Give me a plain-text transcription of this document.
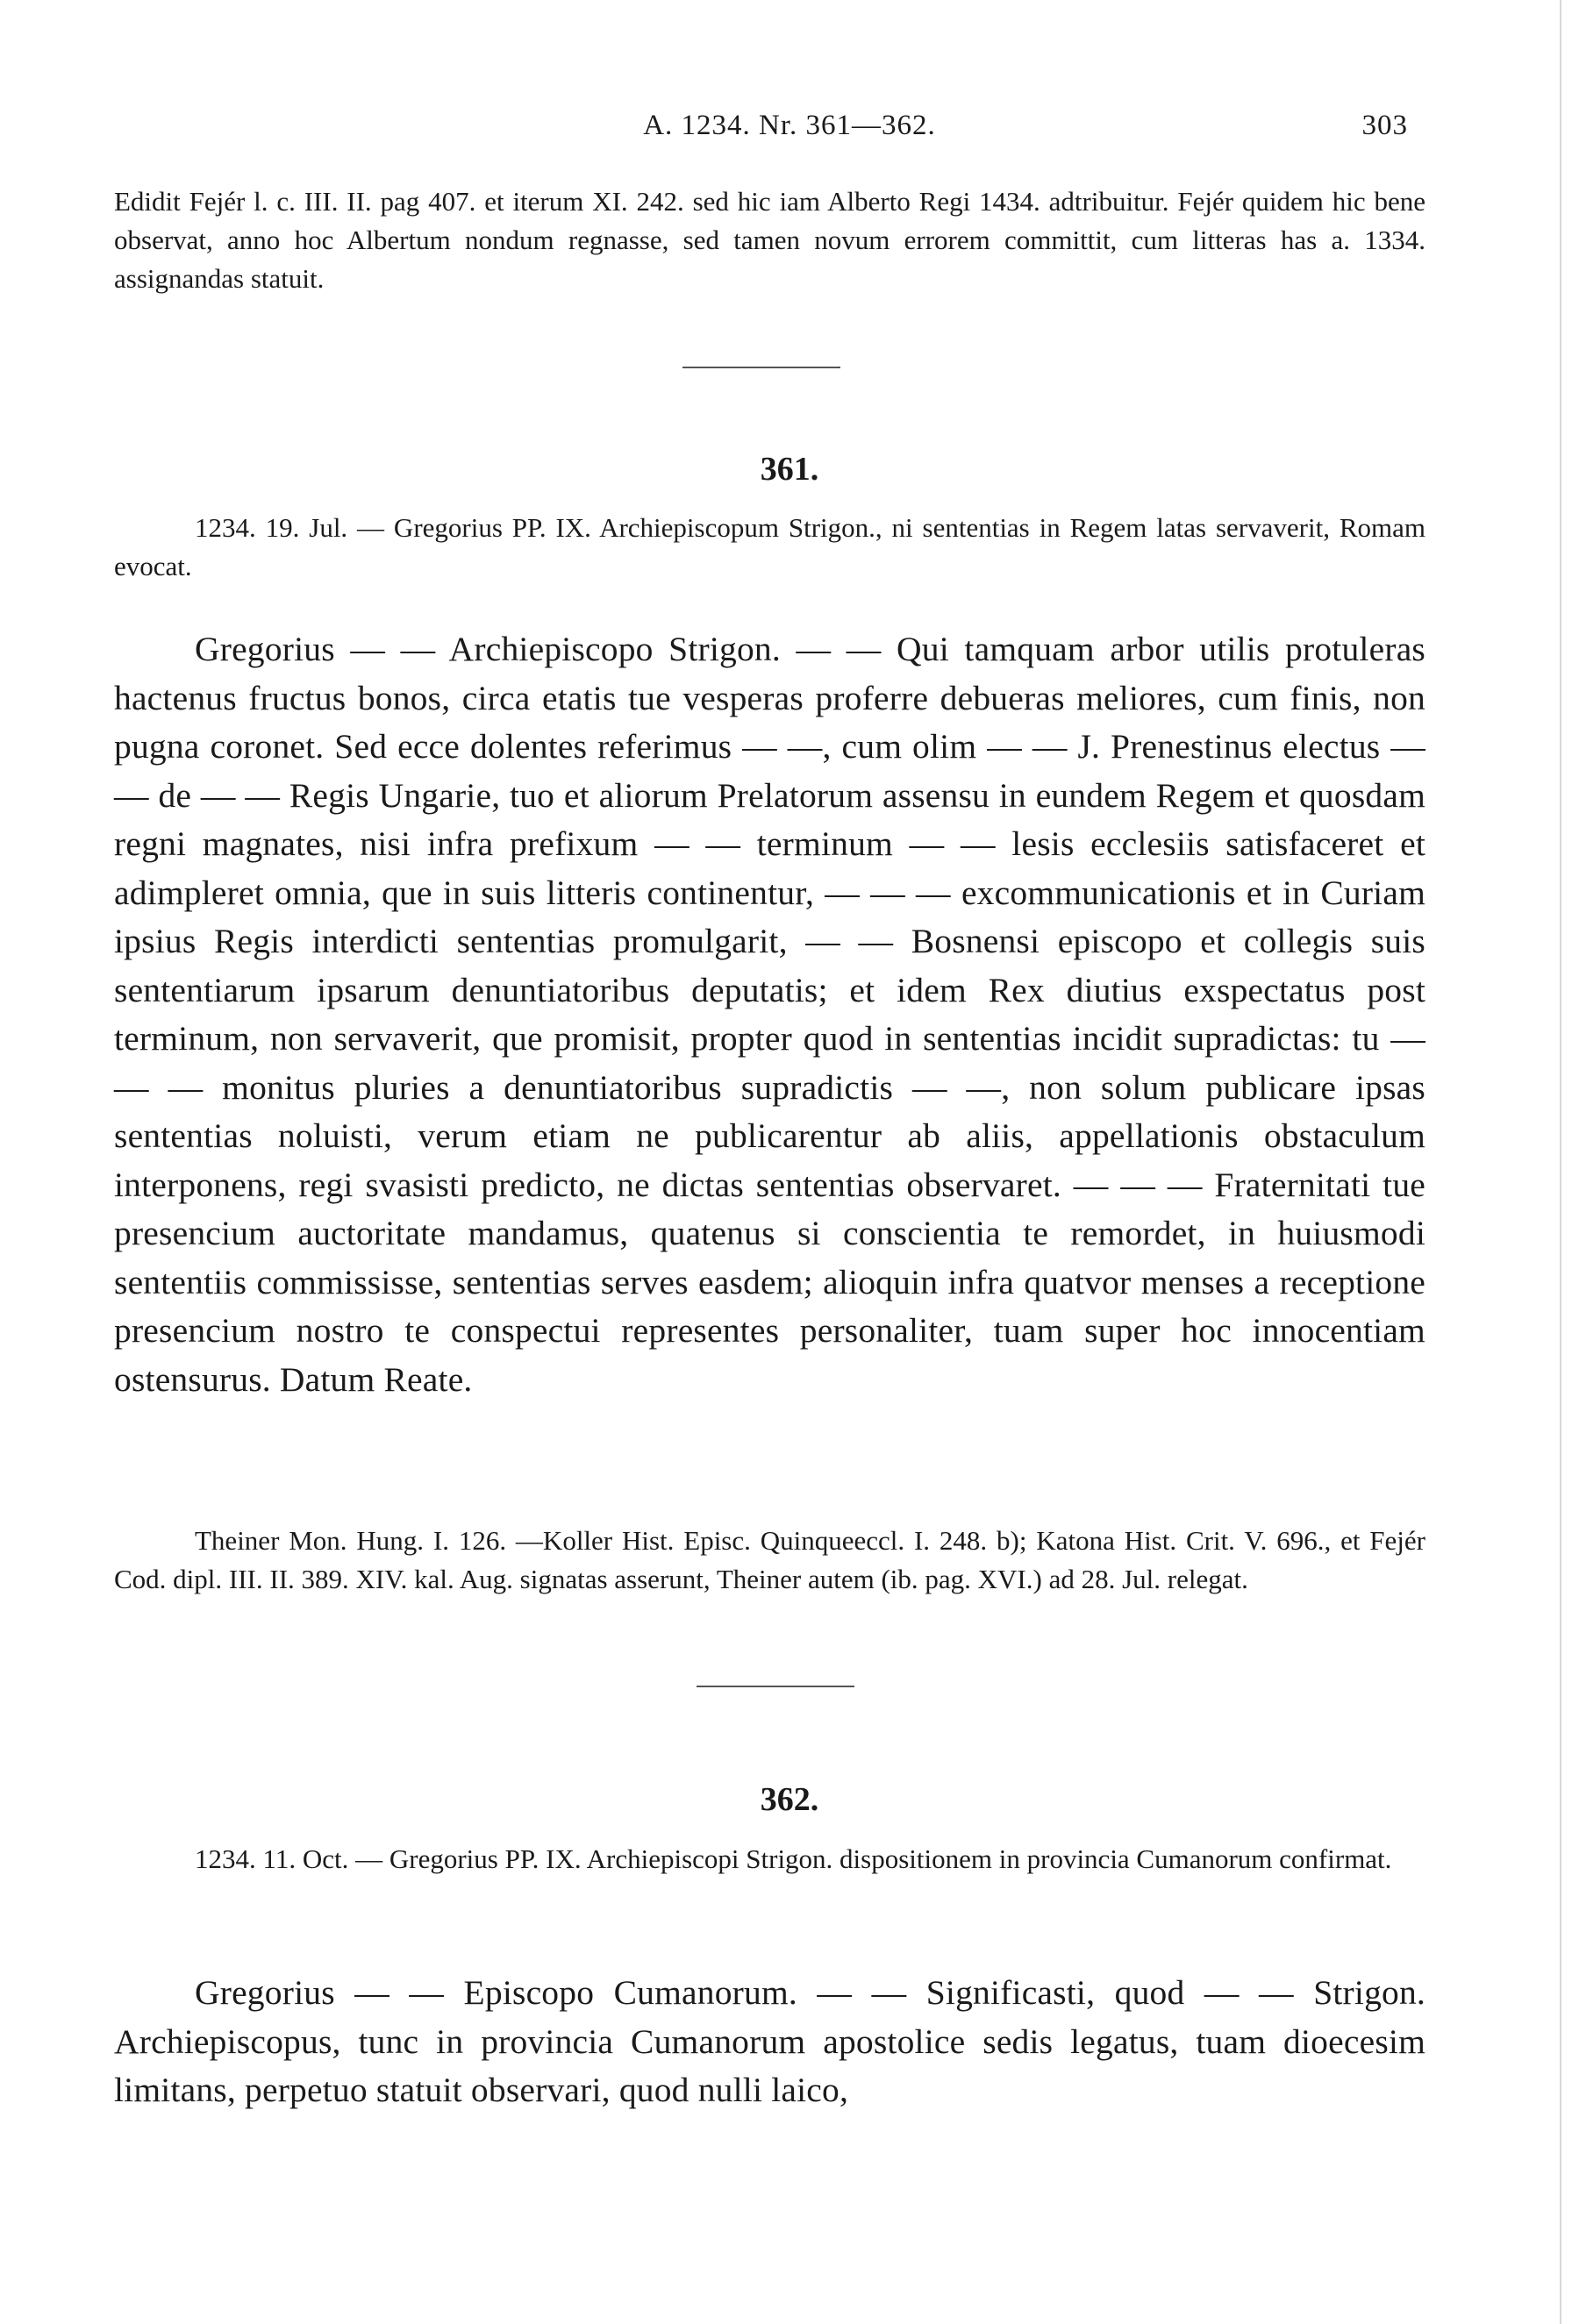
A. 1234. Nr. 361—362.	303

Edidit Fejér l. c. III. II. pag 407. et iterum XI. 242. sed hic iam Alberto Regi 1434. adtribuitur. Fejér quidem hic bene observat, anno hoc Albertum nondum regnasse, sed tamen novum errorem committit, cum litteras has a. 1334. assignandas statuit.

361.

1234. 19. Jul. — Gregorius PP. IX. Archiepiscopum Strigon., ni sententias in Regem latas servaverit, Romam evocat.

Gregorius — — Archiepiscopo Strigon. — — Qui tamquam arbor utilis protuleras hactenus fructus bonos, circa etatis tue vesperas proferre debueras meliores, cum finis, non pugna coronet. Sed ecce dolentes referimus — —, cum olim — — J. Prenestinus electus — — de — — Regis Ungarie, tuo et aliorum Prelatorum assensu in eundem Regem et quosdam regni magnates, nisi infra prefixum — — terminum — — lesis ecclesiis satisfaceret et adimpleret omnia, que in suis litteris continentur, — — — excommunicationis et in Curiam ipsius Regis interdicti sententias promulgarit, — — Bosnensi episcopo et collegis suis sententiarum ipsarum denuntiatoribus deputatis; et idem Rex diutius exspectatus post terminum, non servaverit, que promisit, propter quod in sententias incidit supradictas: tu — — — monitus pluries a denuntiatoribus supradictis — —, non solum publicare ipsas sententias noluisti, verum etiam ne publicarentur ab aliis, appellationis obstaculum interponens, regi svasisti predicto, ne dictas sententias observaret. — — — Fraternitati tue presencium auctoritate mandamus, quatenus si conscientia te remordet, in huiusmodi sententiis commississe, sententias serves easdem; alioquin infra quatvor menses a receptione presencium nostro te conspectui representes personaliter, tuam super hoc innocentiam ostensurus. Datum Reate.

Theiner Mon. Hung. I. 126. —Koller Hist. Episc. Quinqueeccl. I. 248. b); Katona Hist. Crit. V. 696., et Fejér Cod. dipl. III. II. 389. XIV. kal. Aug. signatas asserunt, Theiner autem (ib. pag. XVI.) ad 28. Jul. relegat.

362.

1234. 11. Oct. — Gregorius PP. IX. Archiepiscopi Strigon. dispositionem in provincia Cumanorum confirmat.

Gregorius — — Episcopo Cumanorum. — — Significasti, quod — — Strigon. Archiepiscopus, tunc in provincia Cumanorum apostolice sedis legatus, tuam dioecesim limitans, perpetuo statuit observari, quod nulli laico,
